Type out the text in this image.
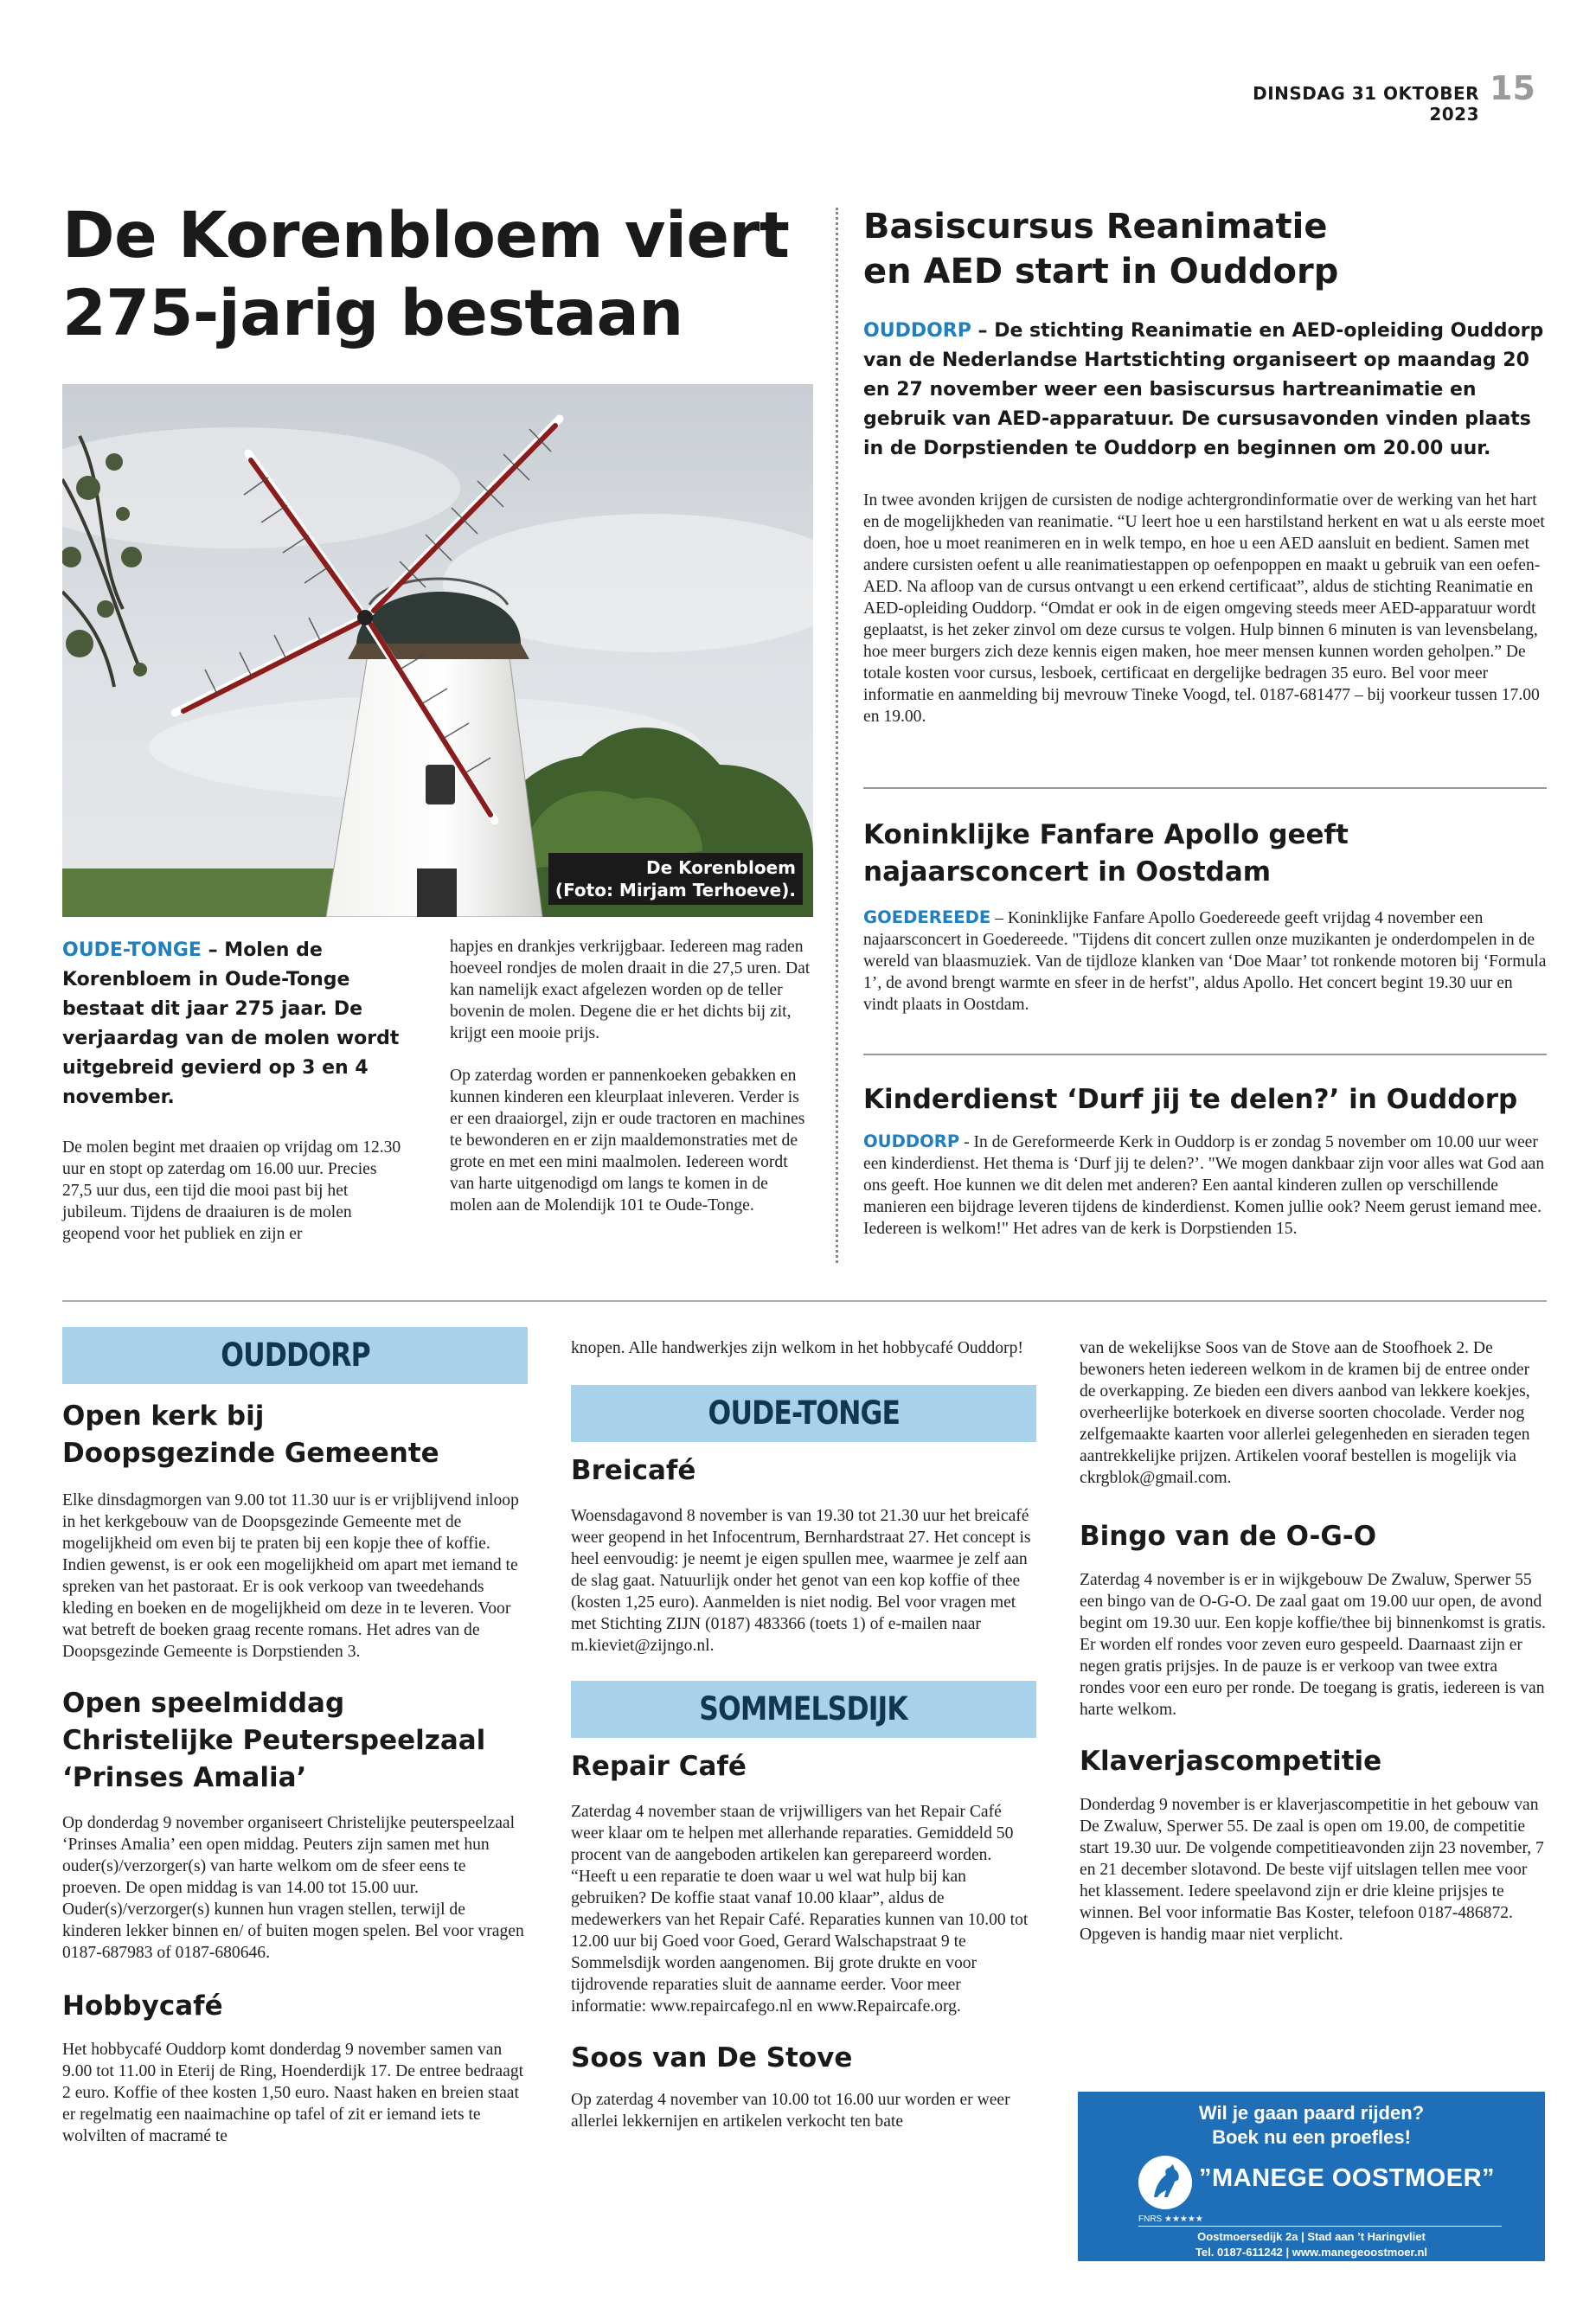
DINSDAG 31 OKTOBER 2023
15
De Korenbloem viert
275-jarig bestaan
De Korenbloem
(Foto: Mirjam Terhoeve).

OUDE-TONGE – Molen de Korenbloem in Oude-Tonge bestaat dit jaar 275 jaar. De verjaardag van de molen wordt uitgebreid gevierd op 3 en 4 november.

De molen begint met draaien op vrijdag om 12.30 uur en stopt op zaterdag om 16.00 uur. Precies 27,5 uur dus, een tijd die mooi past bij het jubileum. Tijdens de draaiuren is de molen geopend voor het publiek en zijn er

hapjes en drankjes verkrijgbaar. Iedereen mag raden hoeveel rondjes de molen draait in die 27,5 uren. Dat kan namelijk exact afgelezen worden op de teller bovenin de molen. Degene die er het dichts bij zit, krijgt een mooie prijs.

Op zaterdag worden er pannenkoeken gebakken en kunnen kinderen een kleurplaat inleveren. Verder is er een draaiorgel, zijn er oude tractoren en machines te bewonderen en er zijn maaldemonstraties met de grote en met een mini maalmolen. Iedereen wordt van harte uitgenodigd om langs te komen in de molen aan de Molendijk 101 te Oude-Tonge.

Basiscursus Reanimatie
en AED start in Ouddorp

OUDDORP – De stichting Reanimatie en AED-opleiding Ouddorp van de Nederlandse Hartstichting organiseert op maandag 20 en 27 november weer een basiscursus hartreanimatie en gebruik van AED-apparatuur. De cursusavonden vinden plaats in de Dorpstienden te Ouddorp en beginnen om 20.00 uur.

In twee avonden krijgen de cursisten de nodige achtergrondinformatie over de werking van het hart en de mogelijkheden van reanimatie. “U leert hoe u een harstilstand herkent en wat u als eerste moet doen, hoe u moet reanimeren en in welk tempo, en hoe u een AED aansluit en bedient. Samen met andere cursisten oefent u alle reanimatiestappen op oefenpoppen en maakt u gebruik van een oefen-AED. Na afloop van de cursus ontvangt u een erkend certificaat”, aldus de stichting Reanimatie en AED-opleiding Ouddorp. “Omdat er ook in de eigen omgeving steeds meer AED-apparatuur wordt geplaatst, is het zeker zinvol om deze cursus te volgen. Hulp binnen 6 minuten is van levensbelang, hoe meer burgers zich deze kennis eigen maken, hoe meer mensen kunnen worden geholpen.” De totale kosten voor cursus, lesboek, certificaat en dergelijke bedragen 35 euro. Bel voor meer informatie en aanmelding bij mevrouw Tineke Voogd, tel. 0187-681477 – bij voorkeur tussen 17.00 en 19.00.

Koninklijke Fanfare Apollo geeft
najaarsconcert in Oostdam

GOEDEREEDE – Koninklijke Fanfare Apollo Goedereede geeft vrijdag 4 november een najaarsconcert in Goedereede. "Tijdens dit concert zullen onze muzikanten je onderdompelen in de wereld van blaasmuziek. Van de tijdloze klanken van ‘Doe Maar’ tot ronkende motoren bij ‘Formula 1’, de avond brengt warmte en sfeer in de herfst", aldus Apollo. Het concert begint 19.30 uur en vindt plaats in Oostdam.

Kinderdienst ‘Durf jij te delen?’ in Ouddorp

OUDDORP - In de Gereformeerde Kerk in Ouddorp is er zondag 5 november om 10.00 uur weer een kinderdienst. Het thema is ‘Durf jij te delen?’. "We mogen dankbaar zijn voor alles wat God aan ons geeft. Hoe kunnen we dit delen met anderen? Een aantal kinderen zullen op verschillende manieren een bijdrage leveren tijdens de kinderdienst. Komen jullie ook? Neem gerust iemand mee. Iedereen is welkom!" Het adres van de kerk is Dorpstienden 15.

OUDDORP
Open kerk bij
Doopsgezinde Gemeente

Elke dinsdagmorgen van 9.00 tot 11.30 uur is er vrijblijvend inloop in het kerkgebouw van de Doopsgezinde Gemeente met de mogelijkheid om even bij te praten bij een kopje thee of koffie. Indien gewenst, is er ook een mogelijkheid om apart met iemand te spreken van het pastoraat. Er is ook verkoop van tweedehands kleding en boeken en de mogelijkheid om deze in te leveren. Voor wat betreft de boeken graag recente romans. Het adres van de Doopsgezinde Gemeente is Dorpstienden 3.

Open speelmiddag
Christelijke Peuterspeelzaal
‘Prinses Amalia’

Op donderdag 9 november organiseert Christelijke peuterspeelzaal ‘Prinses Amalia’ een open middag. Peuters zijn samen met hun ouder(s)/verzorger(s) van harte welkom om de sfeer eens te proeven. De open middag is van 14.00 tot 15.00 uur. Ouder(s)/verzorger(s) kunnen hun vragen stellen, terwijl de kinderen lekker binnen en/ of buiten mogen spelen. Bel voor vragen 0187-687983 of 0187-680646.

Hobbycafé

Het hobbycafé Ouddorp komt donderdag 9 november samen van 9.00 tot 11.00 in Eterij de Ring, Hoenderdijk 17. De entree bedraagt 2 euro. Koffie of thee kosten 1,50 euro. Naast haken en breien staat er regelmatig een naaimachine op tafel of zit er iemand iets te wolvilten of macramé te

knopen. Alle handwerkjes zijn welkom in het hobbycafé Ouddorp!

OUDE-TONGE
Breicafé

Woensdagavond 8 november is van 19.30 tot 21.30 uur het breicafé weer geopend in het Infocentrum, Bernhardstraat 27. Het concept is heel eenvoudig: je neemt je eigen spullen mee, waarmee je zelf aan de slag gaat. Natuurlijk onder het genot van een kop koffie of thee (kosten 1,25 euro). Aanmelden is niet nodig. Bel voor vragen met met Stichting ZIJN (0187) 483366 (toets 1) of e-mailen naar m.kieviet@zijngo.nl.

SOMMELSDIJK
Repair Café

Zaterdag 4 november staan de vrijwilligers van het Repair Café weer klaar om te helpen met allerhande reparaties. Gemiddeld 50 procent van de aangeboden artikelen kan gerepareerd worden. “Heeft u een reparatie te doen waar u wel wat hulp bij kan gebruiken? De koffie staat vanaf 10.00 klaar”, aldus de medewerkers van het Repair Café. Reparaties kunnen van 10.00 tot 12.00 uur bij Goed voor Goed, Gerard Walschapstraat 9 te Sommelsdijk worden aangenomen. Bij grote drukte en voor tijdrovende reparaties sluit de aanname eerder. Voor meer informatie: www.repaircafego.nl en www.Repaircafe.org.

Soos van De Stove

Op zaterdag 4 november van 10.00 tot 16.00 uur worden er weer allerlei lekkernijen en artikelen verkocht ten bate

van de wekelijkse Soos van de Stove aan de Stoofhoek 2. De bewoners heten iedereen welkom in de kramen bij de entree onder de overkapping. Ze bieden een divers aanbod van lekkere koekjes, overheerlijke boterkoek en diverse soorten chocolade. Verder nog zelfgemaakte kaarten voor allerlei gelegenheden en sieraden tegen aantrekkelijke prijzen. Artikelen vooraf bestellen is mogelijk via ckrgblok@gmail.com.

Bingo van de O-G-O

Zaterdag 4 november is er in wijkgebouw De Zwaluw, Sperwer 55 een bingo van de O-G-O. De zaal gaat om 19.00 uur open, de avond begint om 19.30 uur. Een kopje koffie/thee bij binnenkomst is gratis. Er worden elf rondes voor zeven euro gespeeld. Daarnaast zijn er negen gratis prijsjes. In de pauze is er verkoop van twee extra rondes voor een euro per ronde. De toegang is gratis, iedereen is van harte welkom.

Klaverjascompetitie

Donderdag 9 november is er klaverjascompetitie in het gebouw van De Zwaluw, Sperwer 55. De zaal is open om 19.00, de competitie start 19.30 uur. De volgende competitieavonden zijn 23 november, 7 en 21 december slotavond. De beste vijf uitslagen tellen mee voor het klassement. Iedere speelavond zijn er drie kleine prijsjes te winnen. Bel voor informatie Bas Koster, telefoon 0187-486872. Opgeven is handig maar niet verplicht.

Wil je gaan paard rijden?
Boek nu een proefles!
”MANEGE OOSTMOER”
FNRS ★★★★★
Oostmoersedijk 2a | Stad aan ’t Haringvliet
Tel. 0187-611242 | www.manegeoostmoer.nl
